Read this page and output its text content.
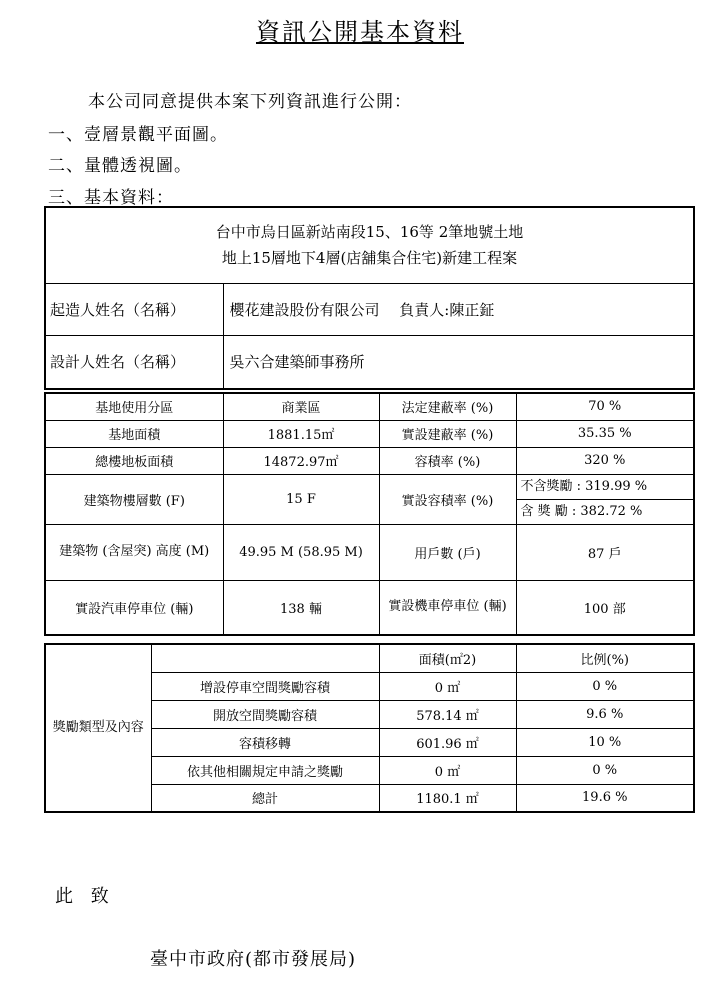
資訊公開基本資料
本公司同意提供本案下列資訊進行公開：
一、壹層景觀平面圖。
二、量體透視圖。
三、基本資料：
台中市烏日區新站南段15、16等 2筆地號土地
地上15層地下4層(店舖集合住宅)新建工程案	

起造人姓名（名稱）	櫻花建設股份有限公司　 負責人:陳正鉦
設計人姓名（名稱）	吳六合建築師事務所
基地使用分區	商業區	法定建蔽率 (%)	70 %
基地面積	1881.15㎡	實設建蔽率 (%)	35.35 %
總樓地板面積	14872.97㎡	容積率 (%)	320 %
建築物樓層數 (F)	15 F	實設容積率 (%)	不含獎勵 : 319.99 %
含 獎 勵 : 382.72 %

建築物 (含屋突) 高度 (M)	49.95 M (58.95 M)	用戶數 (戶)	87 戶
實設汽車停車位 (輛)	138 輛	實設機車停車位 (輛)	100 部
獎勵類型及內容		面積(㎡2)	比例(%)
	增設停車空間獎勵容積	0 ㎡	0 %
	開放空間獎勵容積	578.14 ㎡	9.6 %
	容積移轉	601.96 ㎡	10 %
	依其他相關規定申請之獎勵	0 ㎡	0 %
	總計	1180.1 ㎡	19.6 %
此 致
臺中市政府(都市發展局)
